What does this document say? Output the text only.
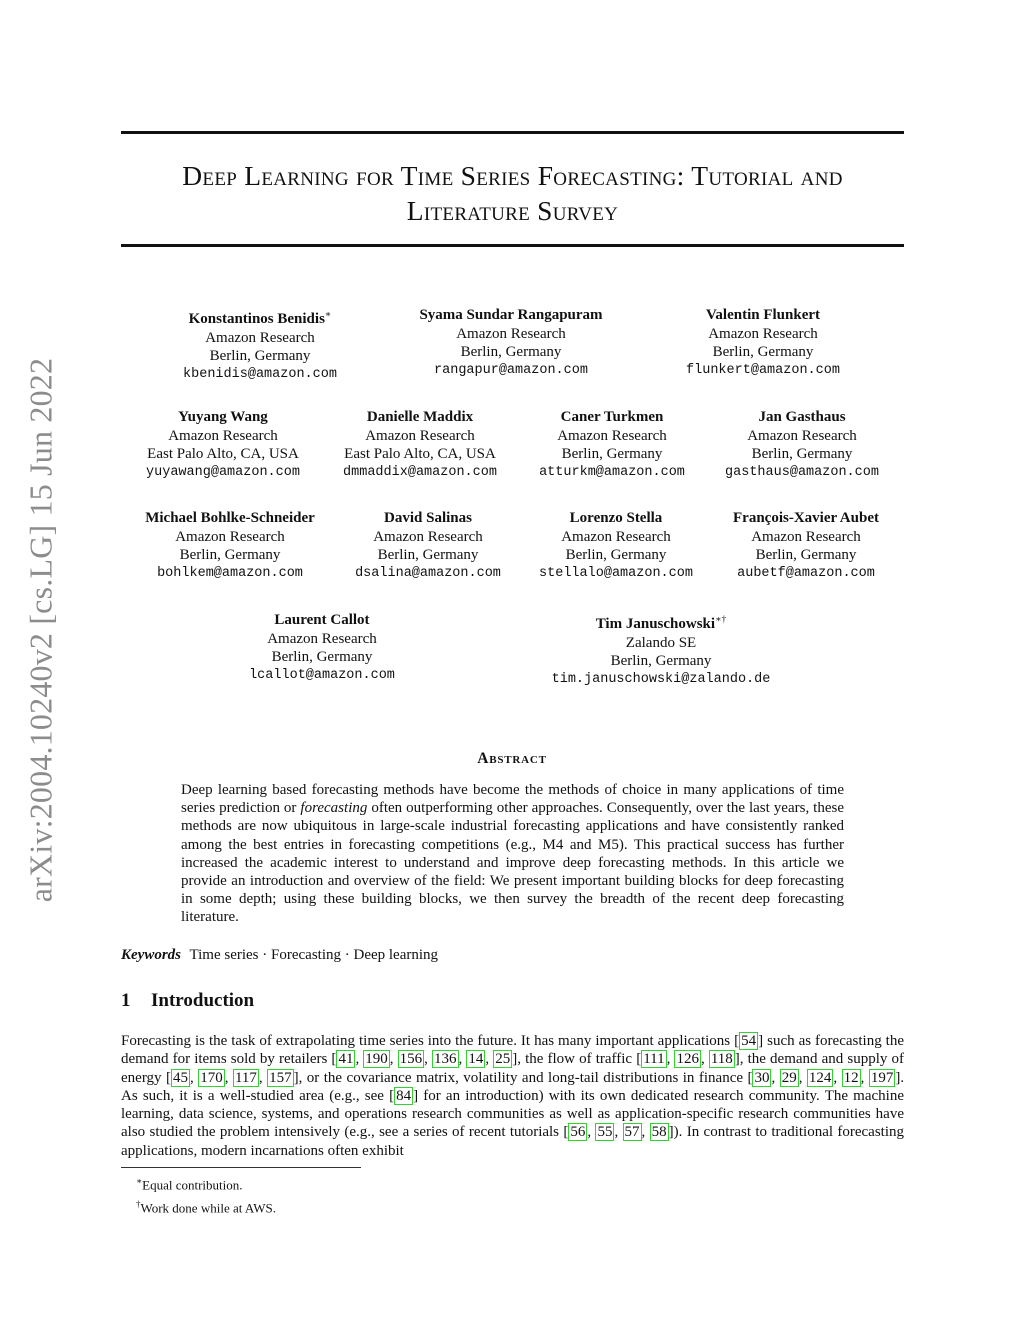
arXiv:2004.10240v2 [cs.LG] 15 Jun 2022
Deep Learning for Time Series Forecasting: Tutorial and Literature Survey
Konstantinos Benidis∗
Amazon Research
Berlin, Germany
kbenidis@amazon.com
Syama Sundar Rangapuram
Amazon Research
Berlin, Germany
rangapur@amazon.com
Valentin Flunkert
Amazon Research
Berlin, Germany
flunkert@amazon.com
Yuyang Wang
Amazon Research
East Palo Alto, CA, USA
yuyawang@amazon.com
Danielle Maddix
Amazon Research
East Palo Alto, CA, USA
dmmaddix@amazon.com
Caner Turkmen
Amazon Research
Berlin, Germany
atturkm@amazon.com
Jan Gasthaus
Amazon Research
Berlin, Germany
gasthaus@amazon.com
Michael Bohlke-Schneider
Amazon Research
Berlin, Germany
bohlkem@amazon.com
David Salinas
Amazon Research
Berlin, Germany
dsalina@amazon.com
Lorenzo Stella
Amazon Research
Berlin, Germany
stellalo@amazon.com
François-Xavier Aubet
Amazon Research
Berlin, Germany
aubetf@amazon.com
Laurent Callot
Amazon Research
Berlin, Germany
lcallot@amazon.com
Tim Januschowski∗†
Zalando SE
Berlin, Germany
tim.januschowski@zalando.de
Abstract
Deep learning based forecasting methods have become the methods of choice in many applications of time series prediction or forecasting often outperforming other approaches. Consequently, over the last years, these methods are now ubiquitous in large-scale industrial forecasting applications and have consistently ranked among the best entries in forecasting competitions (e.g., M4 and M5). This practical success has further increased the academic interest to understand and improve deep forecasting methods. In this article we provide an introduction and overview of the field: We present important building blocks for deep forecasting in some depth; using these building blocks, we then survey the breadth of the recent deep forecasting literature.
Keywords Time series · Forecasting · Deep learning
1 Introduction
Forecasting is the task of extrapolating time series into the future. It has many important applications [ 54 ] such as forecasting the demand for items sold by retailers [ 41 , 190 , 156 , 136 , 14 , 25 ], the flow of traffic [ 111 , 126 , 118 ], the demand and supply of energy [ 45 , 170 , 117 , 157 ], or the covariance matrix, volatility and long-tail distributions in finance [ 30 , 29 , 124 , 12 , 197 ]. As such, it is a well-studied area (e.g., see [ 84 ] for an introduction) with its own dedicated research community. The machine learning, data science, systems, and operations research communities as well as application-specific research communities have also studied the problem intensively (e.g., see a series of recent tutorials [ 56 , 55 , 57 , 58 ]). In contrast to traditional forecasting applications, modern incarnations often exhibit
∗Equal contribution.
†Work done while at AWS.
